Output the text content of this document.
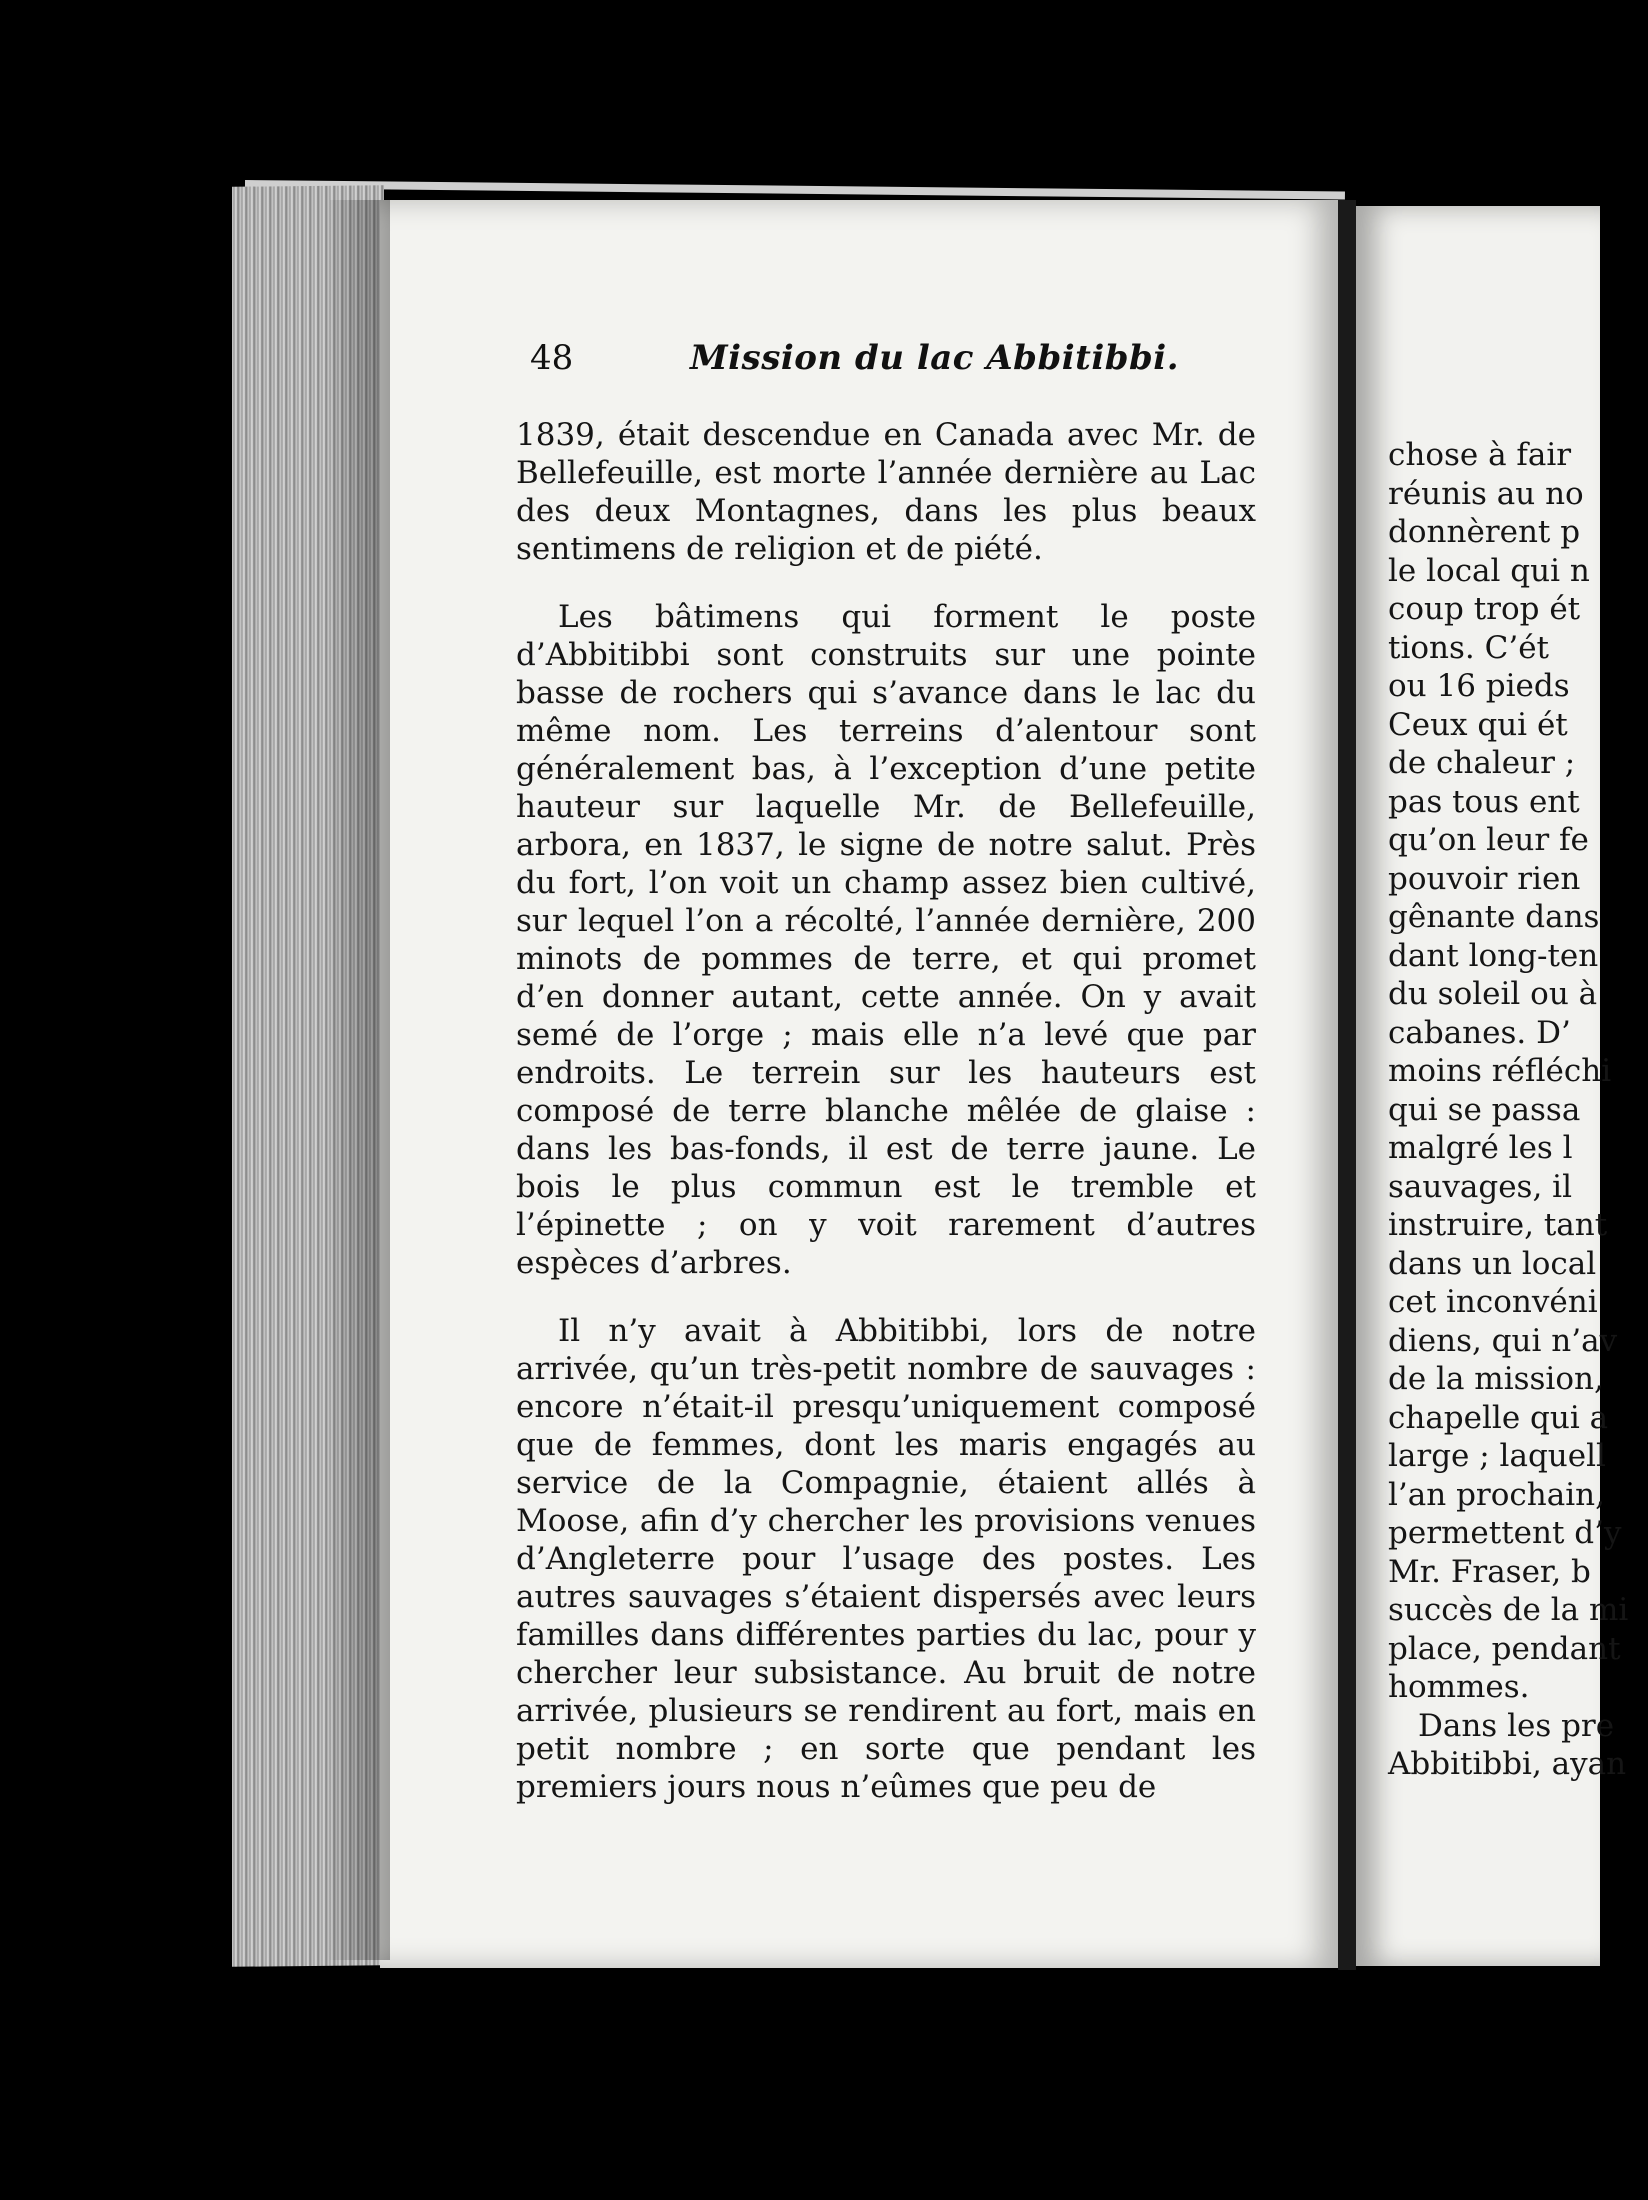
48	Mission du lac Abbitibbi.

1839, était descendue en Canada avec Mr. de Bellefeuille, est morte l’année dernière au Lac des deux Montagnes, dans les plus beaux sentimens de religion et de piété.

Les bâtimens qui forment le poste d’Abbitibbi sont construits sur une pointe basse de rochers qui s’avance dans le lac du même nom. Les terreins d’alentour sont généralement bas, à l’exception d’une petite hauteur sur laquelle Mr. de Bellefeuille, arbora, en 1837, le signe de notre salut. Près du fort, l’on voit un champ assez bien cultivé, sur lequel l’on a récolté, l’année dernière, 200 minots de pommes de terre, et qui promet d’en donner autant, cette année. On y avait semé de l’orge ; mais elle n’a levé que par endroits. Le terrein sur les hauteurs est composé de terre blanche mêlée de glaise : dans les bas-fonds, il est de terre jaune. Le bois le plus commun est le tremble et l’épinette ; on y voit rarement d’autres espèces d’arbres.

Il n’y avait à Abbitibbi, lors de notre arrivée, qu’un très-petit nombre de sauvages : encore n’était-il presqu’uniquement composé que de femmes, dont les maris engagés au service de la Compagnie, étaient allés à Moose, afin d’y chercher les provisions venues d’Angleterre pour l’usage des postes. Les autres sauvages s’étaient dispersés avec leurs familles dans différentes parties du lac, pour y chercher leur subsistance. Au bruit de notre arrivée, plusieurs se rendirent au fort, mais en petit nombre ; en sorte que pendant les premiers jours nous n’eûmes que peu de

chose à fair
réunis au no
donnèrent p
le local qui n
coup trop ét
tions. C’ét
ou 16 pieds
Ceux qui ét
de chaleur ;
pas tous ent
qu’on leur fe
pouvoir rien
gênante dans
dant long-ten
du soleil ou à
cabanes. D’
moins réfléchi
qui se passa
malgré les l
sauvages, il
instruire, tant
dans un local
cet inconvéni
diens, qui n’av
de la mission,
chapelle qui a
large ; laquell
l’an prochain,
permettent d’y
Mr. Fraser, b
succès de la mi
place, pendant
hommes.
Dans les pre
Abbitibbi, ayan
